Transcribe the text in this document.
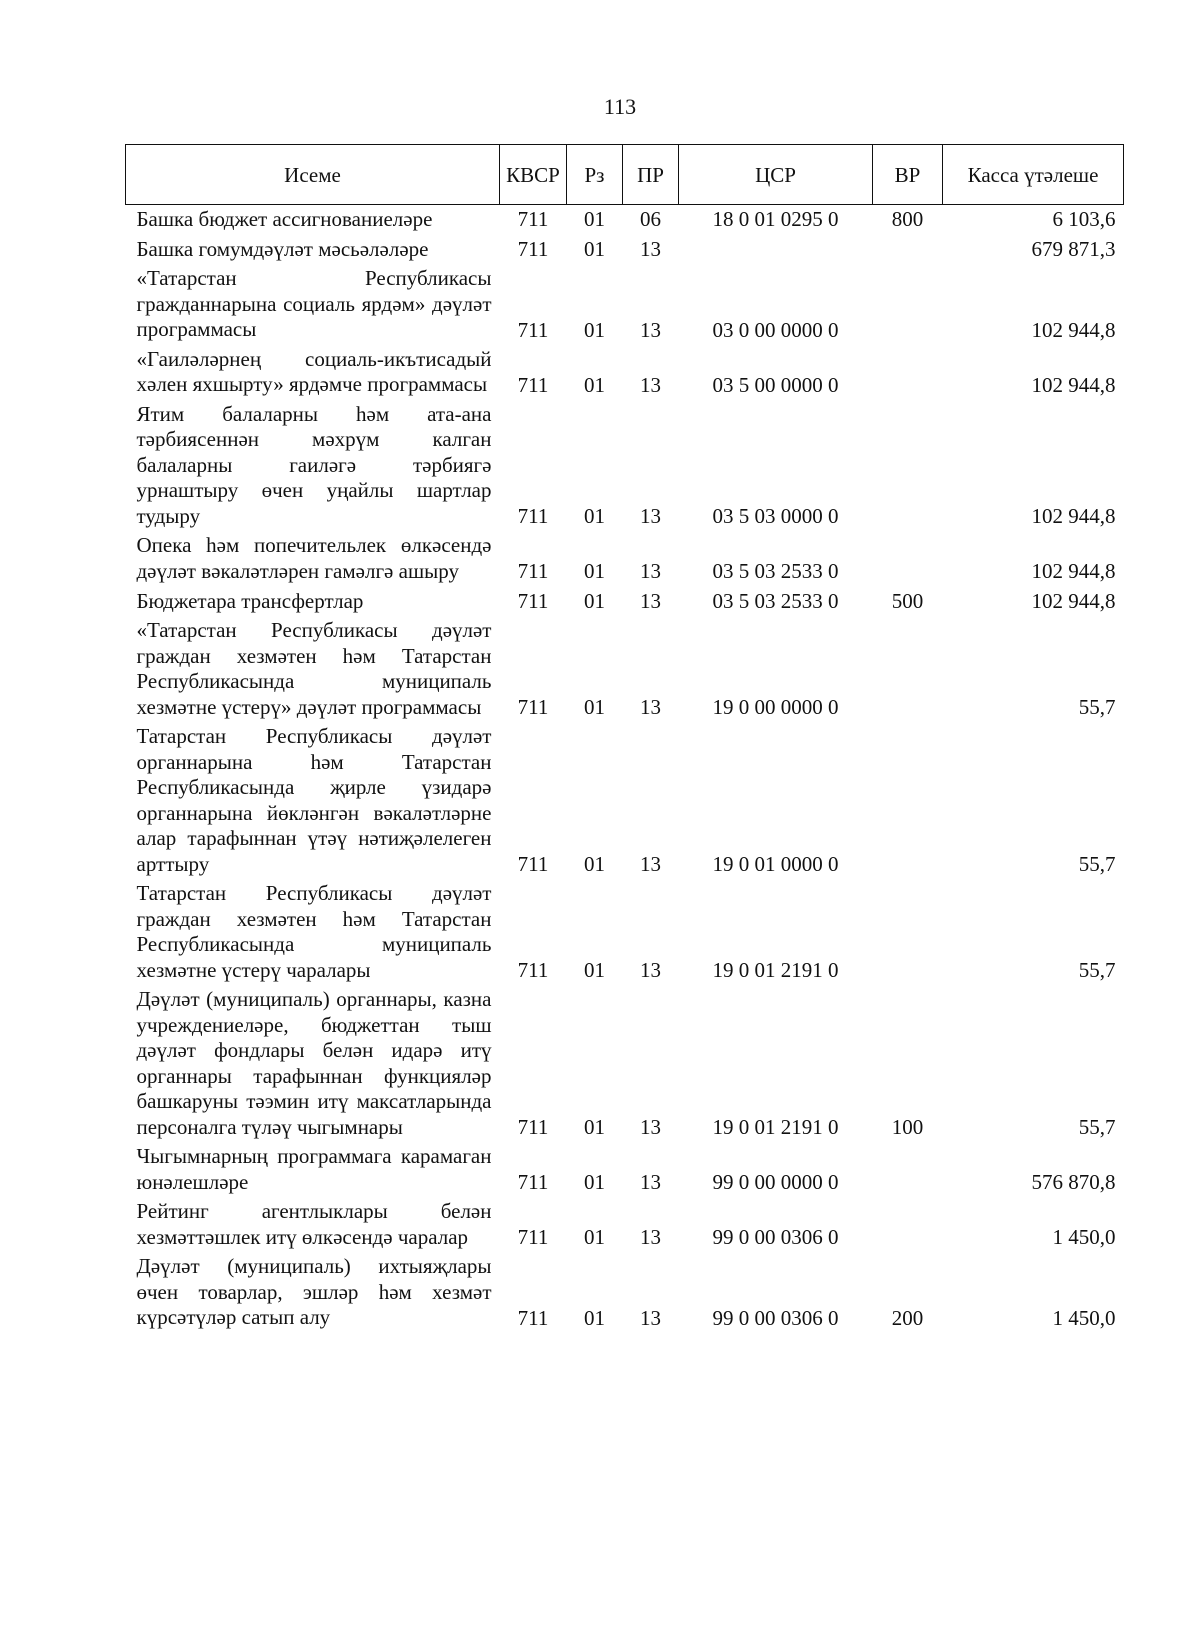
113
Исеме	КВСР	Рз	ПР	ЦСР	ВР	Касса үтәлеше
Башка бюджет ассигнованиеләре	711	01	06	18 0 01 0295 0	800	6 103,6
Башка гомумдәүләт мәсьәләләре	711	01	13			679 871,3
«Татарстан Республикасы гражданнарына социаль ярдәм» дәүләт программасы	711	01	13	03 0 00 0000 0		102 944,8
«Гаиләләрнең социаль-икътисадый хәлен яхшырту» ярдәмче программасы	711	01	13	03 5 00 0000 0		102 944,8
Ятим балаларны һәм ата-ана тәрбиясеннән мәхрүм калган балаларны гаиләгә тәрбиягә урнаштыру өчен уңайлы шартлар тудыру	711	01	13	03 5 03 0000 0		102 944,8
Опека һәм попечительлек өлкәсендә дәүләт вәкаләтләрен гамәлгә ашыру	711	01	13	03 5 03 2533 0		102 944,8
Бюджетара трансфертлар	711	01	13	03 5 03 2533 0	500	102 944,8
«Татарстан Республикасы дәүләт граждан хезмәтен һәм Татарстан Республикасында муниципаль хезмәтне үстерү» дәүләт программасы	711	01	13	19 0 00 0000 0		55,7
Татарстан Республикасы дәүләт органнарына һәм Татарстан Республикасында җирле үзидарә органнарына йөкләнгән вәкаләтләрне алар тарафыннан үтәү нәтиҗәлелеген арттыру	711	01	13	19 0 01 0000 0		55,7
Татарстан Республикасы дәүләт граждан хезмәтен һәм Татарстан Республикасында муниципаль хезмәтне үстерү чаралары	711	01	13	19 0 01 2191 0		55,7
Дәүләт (муниципаль) органнары, казна учреждениеләре, бюджеттан тыш дәүләт фондлары белән идарә итү органнары тарафыннан функцияләр башкаруны тәэмин итү максатларында персоналга түләү чыгымнары	711	01	13	19 0 01 2191 0	100	55,7
Чыгымнарның программага карамаган юнәлешләре	711	01	13	99 0 00 0000 0		576 870,8
Рейтинг агентлыклары белән хезмәттәшлек итү өлкәсендә чаралар	711	01	13	99 0 00 0306 0		1 450,0
Дәүләт (муниципаль) ихтыяҗлары өчен товарлар, эшләр һәм хезмәт күрсәтүләр сатып алу	711	01	13	99 0 00 0306 0	200	1 450,0
